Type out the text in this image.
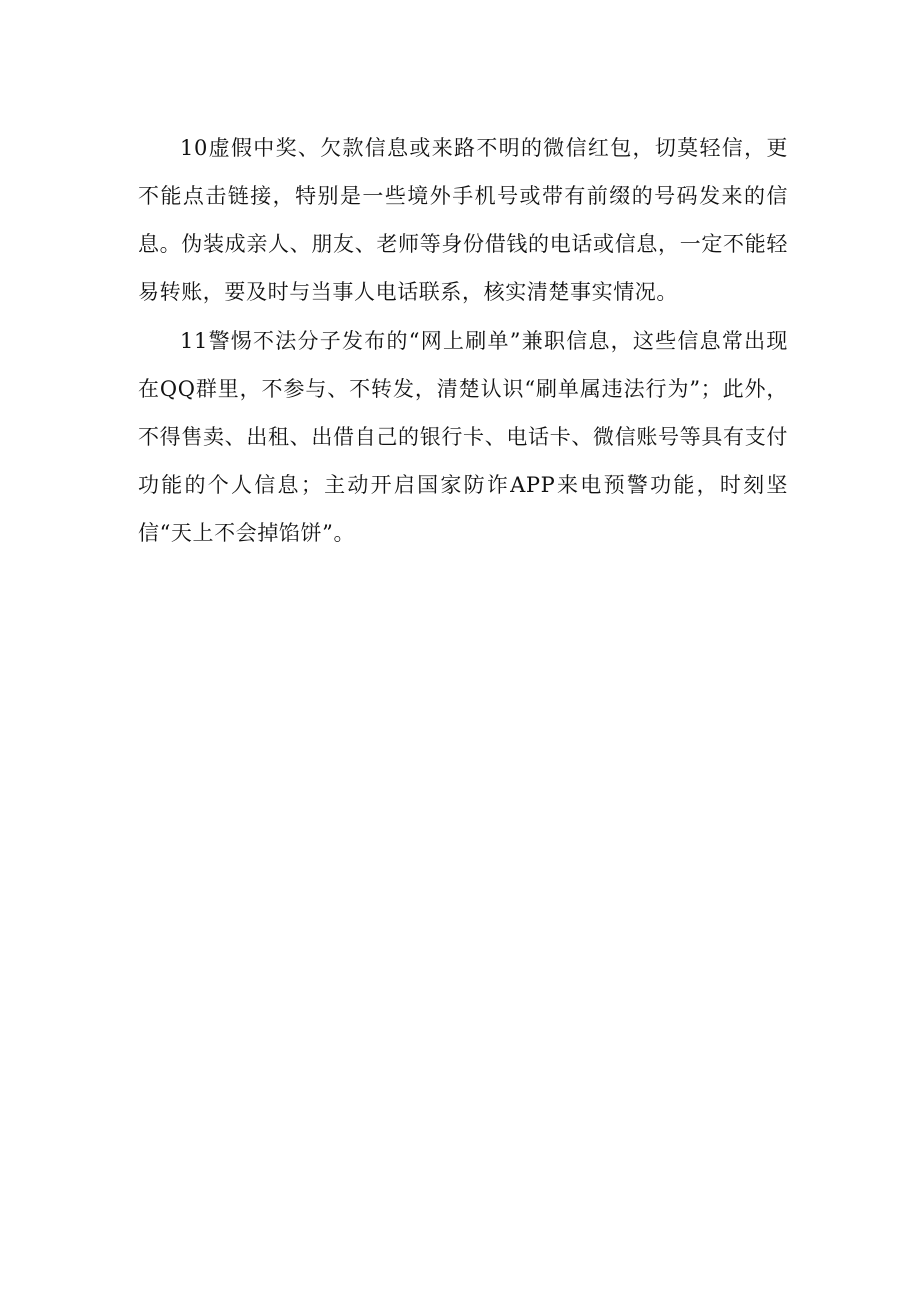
10虚假中奖、欠款信息或来路不明的微信红包，切莫轻信，更不能点击链接，特别是一些境外手机号或带有前缀的号码发来的信息。伪装成亲人、朋友、老师等身份借钱的电话或信息，一定不能轻易转账，要及时与当事人电话联系，核实清楚事实情况。

11警惕不法分子发布的“网上刷单”兼职信息，这些信息常出现在QQ群里，不参与、不转发，清楚认识“刷单属违法行为”；此外，不得售卖、出租、出借自己的银行卡、电话卡、微信账号等具有支付功能的个人信息；主动开启国家防诈APP来电预警功能，时刻坚信“天上不会掉馅饼”。
